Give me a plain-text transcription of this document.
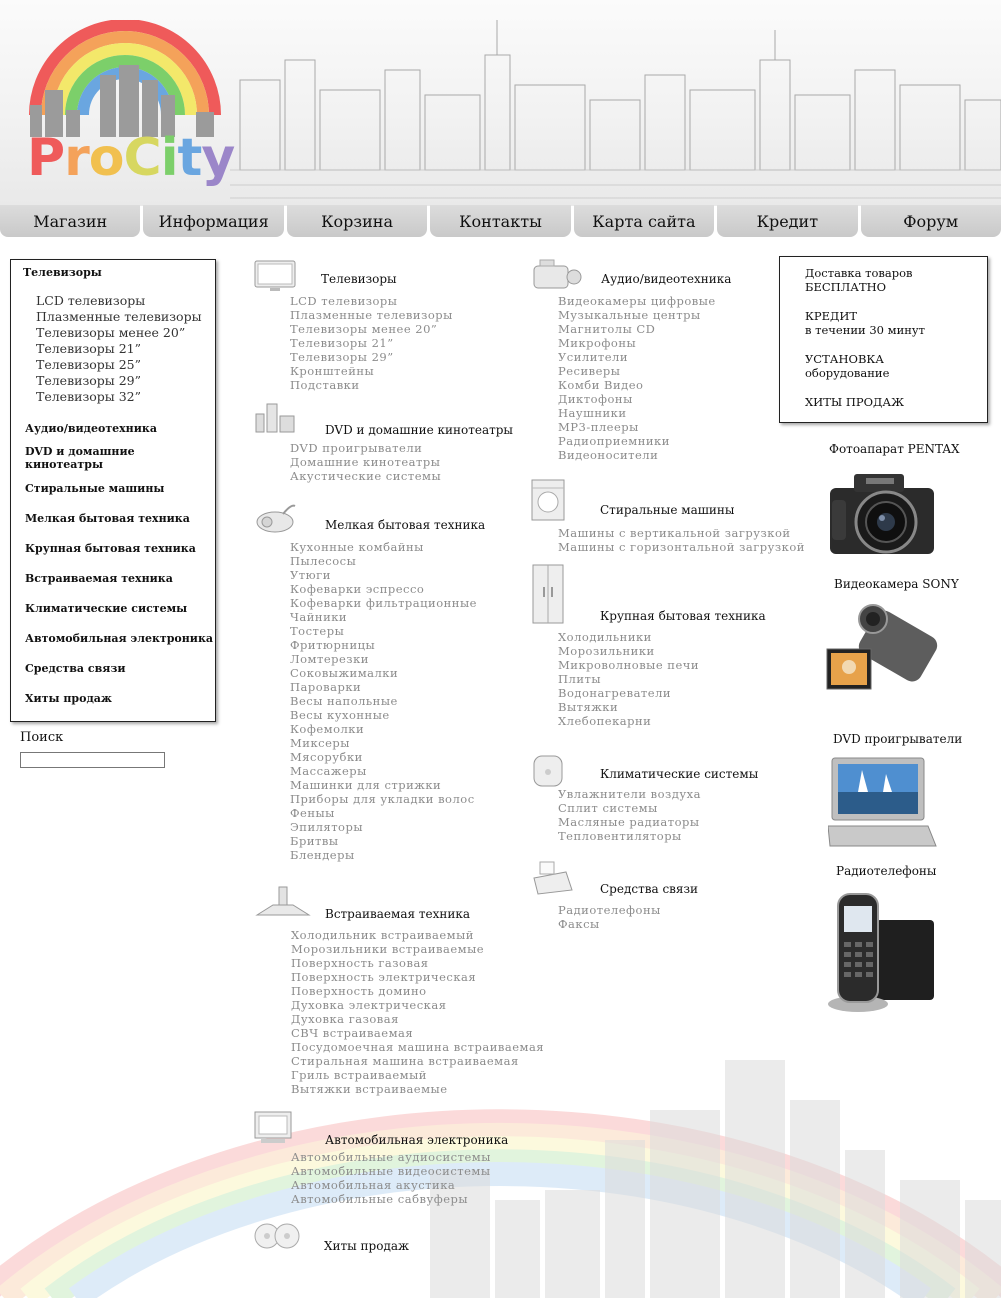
ProCity
Магазин	Информация	Корзина	Контакты	Карта сайта	Кредит	Форум
Телевизоры
LCD телевизоры
Плазменные телевизоры
Телевизоры менее 20”
Телевизоры 21”
Телевизоры 25”
Телевизоры 29”
Телевизоры 32”
Аудио/видеотехника
DVD и домашние кинотеатры
Стиральные машины
Мелкая бытовая техника
Крупная бытовая техника
Встраиваемая техника
Климатические системы
Автомобильная электроника
Средства связи
Хиты продаж
Поиск
Телевизоры
LCD телевизоры
Плазменные телевизоры
Телевизоры менее 20”
Телевизоры 21”
Телевизоры 29”
Кронштейны
Подставки
DVD и домашние кинотеатры
DVD проигрыватели
Домашние кинотеатры
Акустические системы
Мелкая бытовая техника
Кухонные комбайны
Пылесосы
Утюги
Кофеварки эспрессо
Кофеварки фильтрационные
Чайники
Тостеры
Фритюрницы
Ломтерезки
Соковыжималки
Пароварки
Весы напольные
Весы кухонные
Кофемолки
Миксеры
Мясорубки
Массажеры
Машинки для стрижки
Приборы для укладки волос
Феныы
Эпиляторы
Бритвы
Блендеры
Встраиваемая техника
Холодильник встраиваемый
Морозильники встраиваемые
Поверхность газовая
Поверхность электрическая
Поверхность домино
Духовка электрическая
Духовка газовая
СВЧ встраиваемая
Посудомоечная машина встраиваемая
Стиральная машина встраиваемая
Гриль встраиваемый
Вытяжки встраиваемые
Автомобильная электроника
Автомобильные аудиосистемы
Автомобильные видеосистемы
Автомобильная акустика
Автомобильные сабвуферы
Хиты продаж
Аудио/видеотехника
Видеокамеры цифровые
Музыкальные центры
Магнитолы CD
Микрофоны
Усилители
Ресиверы
Комби Видео
Диктофоны
Наушники
MP3-плееры
Радиоприемники
Видеоносители
Стиральные машины
Машины с вертикальной загрузкой
Машины с горизонтальной загрузкой
Крупная бытовая техника
Холодильники
Морозильники
Микроволновые печи
Плиты
Водонагреватели
Вытяжки
Хлебопекарни
Климатические системы
Увлажнители воздуха
Сплит системы
Масляные радиаторы
Тепловентиляторы
Средства связи
Радиотелефоны
Факсы

Доставка товаров

БЕСПЛАТНО

КРЕДИТ

в течении 30 минут

УСТАНОВКА

оборудование

ХИТЫ ПРОДАЖ

Фотоапарат PENTAX
Видеокамера SONY
DVD проигрыватели
Радиотелефоны
